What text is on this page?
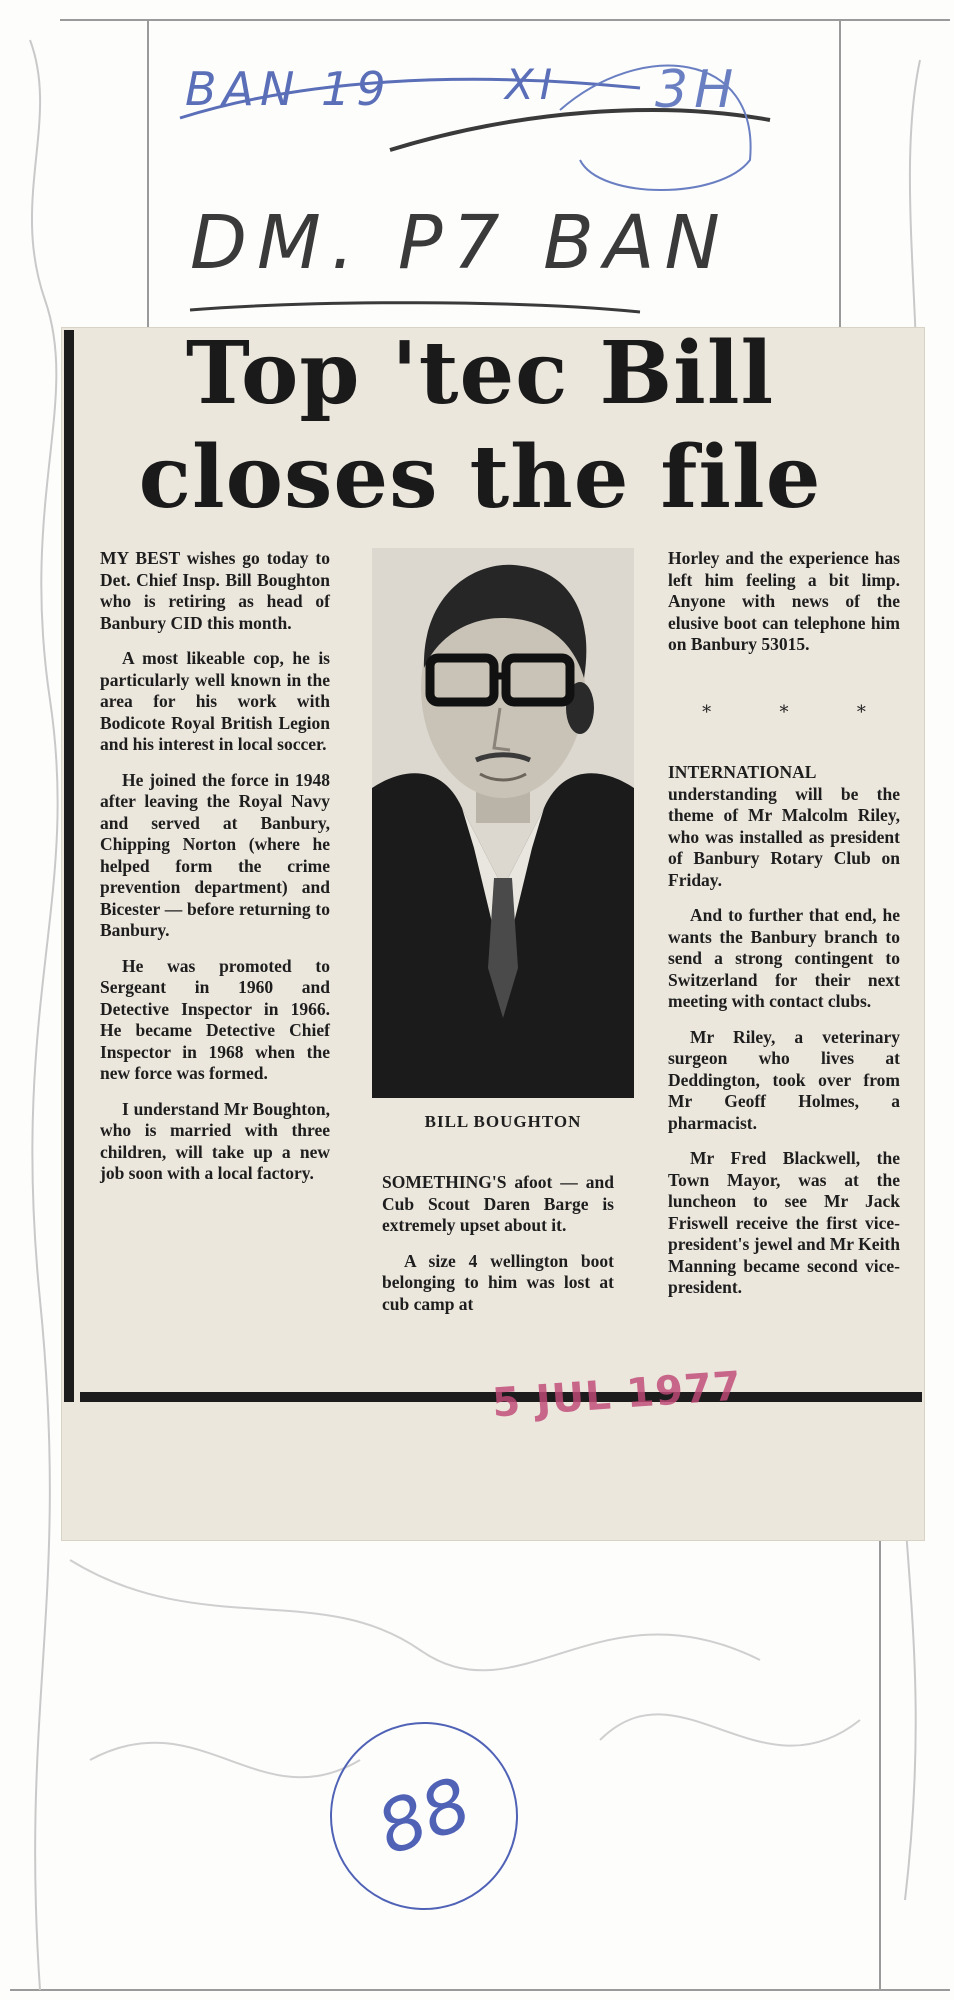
BAN 19	XI 3H
DM. P7 BAN
Top 'tec Bill
closes the file

MY BEST wishes go today to Det. Chief Insp. Bill Boughton who is retiring as head of Banbury CID this month.

A most likeable cop, he is particularly well known in the area for his work with Bodicote Royal British Legion and his interest in local soccer.

He joined the force in 1948 after leaving the Royal Navy and served at Banbury, Chipping Norton (where he helped form the crime prevention department) and Bicester — before returning to Banbury.

He was promoted to Sergeant in 1960 and Detective Inspector in 1966. He became Detective Chief Inspector in 1968 when the new force was formed.

I understand Mr Boughton, who is married with three children, will take up a new job soon with a local factory.

BILL BOUGHTON

SOMETHING'S afoot — and Cub Scout Daren Barge is extremely upset about it.

A size 4 wellington boot belonging to him was lost at cub camp at

Horley and the experience has left him feeling a bit limp. Anyone with news of the elusive boot can telephone him on Banbury 53015.

*	*	*

INTERNATIONAL understanding will be the theme of Mr Malcolm Riley, who was installed as president of Banbury Rotary Club on Friday.

And to further that end, he wants the Banbury branch to send a strong contingent to Switzerland for their next meeting with contact clubs.

Mr Riley, a veterinary surgeon who lives at Deddington, took over from Mr Geoff Holmes, a pharmacist.

Mr Fred Blackwell, the Town Mayor, was at the luncheon to see Mr Jack Friswell receive the first vice-president's jewel and Mr Keith Manning became second vice-president.

5 JUL 1977
88
